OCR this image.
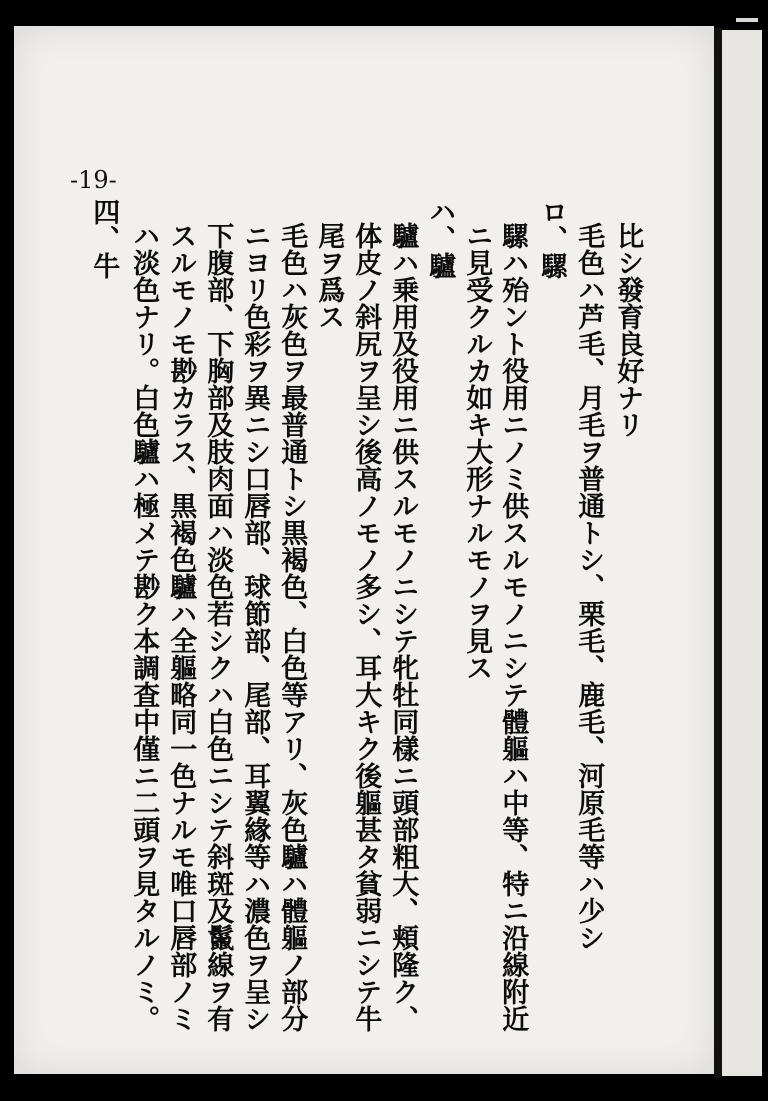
-19-
比シ發育良好ナリ
毛色ハ芦毛、月毛ヲ普通トシ、栗毛、鹿毛、河原毛等ハ少シ
ロ、騾
騾ハ殆ント役用ニノミ供スルモノニシテ體軀ハ中等、特ニ沿線附近
ニ見受クルカ如キ大形ナルモノヲ見ス
ハ、驢
驢ハ乗用及役用ニ供スルモノニシテ牝牡同樣ニ頭部粗大、頬隆ク、
体皮ノ斜尻ヲ呈シ後高ノモノ多シ、耳大キク後軀甚タ貧弱ニシテ牛
尾ヲ爲ス
毛色ハ灰色ヲ最普通トシ黒褐色、白色等アリ、灰色驢ハ體軀ノ部分
ニヨリ色彩ヲ異ニシ口唇部、球節部、尾部、耳翼緣等ハ濃色ヲ呈シ
下腹部、下胸部及肢肉面ハ淡色若シクハ白色ニシテ斜斑及鬣線ヲ有
スルモノモ尠カラス、黒褐色驢ハ全軀略同一色ナルモ唯口唇部ノミ
ハ淡色ナリ。白色驢ハ極メテ尠ク本調査中僅ニ二頭ヲ見タルノミ。
四、牛
